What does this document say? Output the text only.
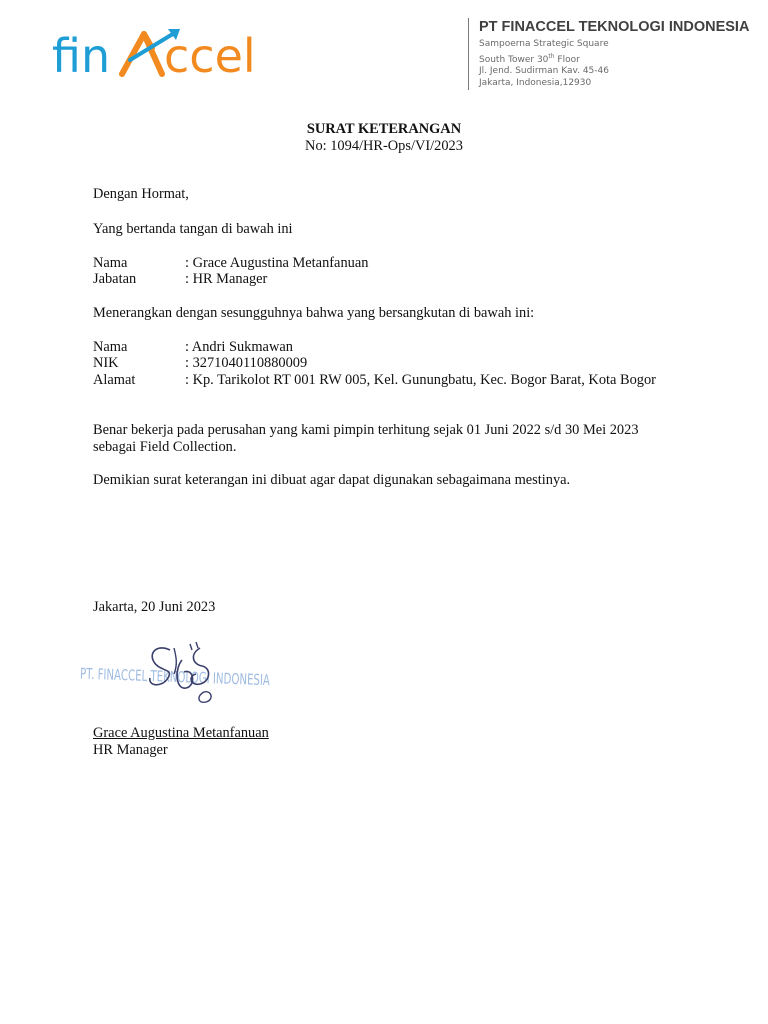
fin ccel
PT FINACCEL TEKNOLOGI INDONESIA
Sampoerna Strategic Square
South Tower 30th Floor
Jl. Jend. Sudirman Kav. 45-46
Jakarta, Indonesia,12930
SURAT KETERANGAN
No: 1094/HR-Ops/VI/2023
Dengan Hormat,
Yang bertanda tangan di bawah ini
Nama	: Grace Augustina Metanfanuan
Jabatan	: HR Manager
Menerangkan dengan sesungguhnya bahwa yang bersangkutan di bawah ini:
Nama	: Andri Sukmawan
NIK	: 3271040110880009
Alamat	: Kp. Tarikolot RT 001 RW 005, Kel. Gunungbatu, Kec. Bogor Barat, Kota Bogor
Benar bekerja pada perusahan yang kami pimpin terhitung sejak 01 Juni 2022 s/d 30 Mei 2023 sebagai Field Collection.
Demikian surat keterangan ini dibuat agar dapat digunakan sebagaimana mestinya.
Jakarta, 20 Juni 2023
PT. FINACCEL TEKNOLOGI INDONESIA
Grace Augustina Metanfanuan
HR Manager
